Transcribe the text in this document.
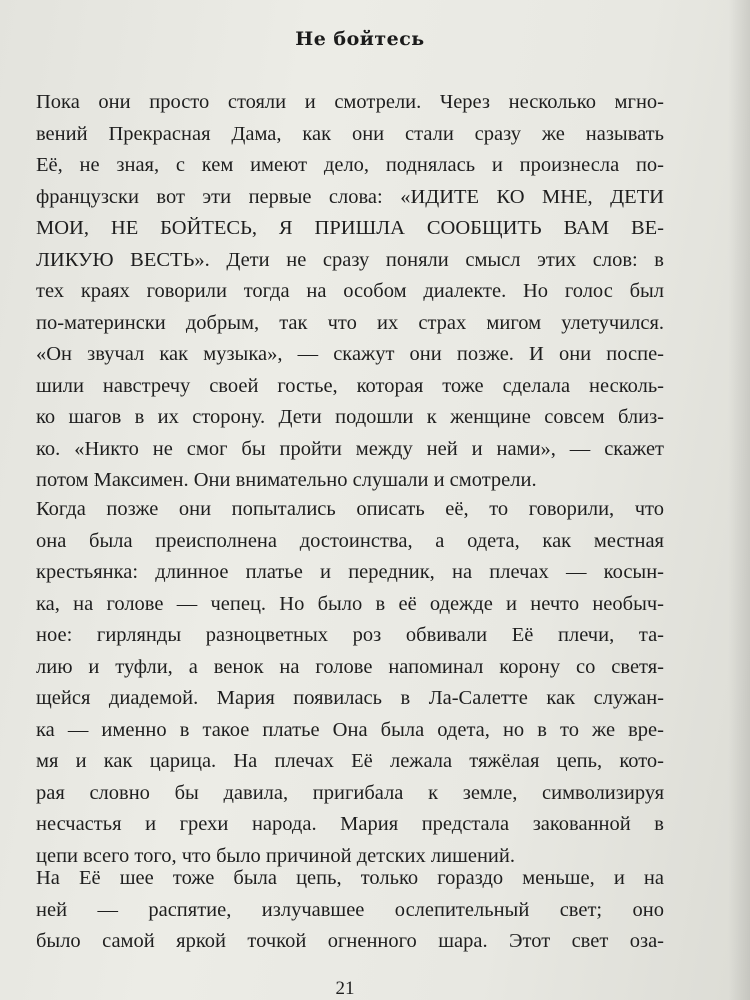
Не бойтесь
Пока они просто стояли и смотрели. Через несколько мгно-
вений Прекрасная Дама, как они стали сразу же называть
Её, не зная, с кем имеют дело, поднялась и произнесла по-
французски вот эти первые слова: «ИДИТЕ КО МНЕ, ДЕТИ
МОИ, НЕ БОЙТЕСЬ, Я ПРИШЛА СООБЩИТЬ ВАМ ВЕ-
ЛИКУЮ ВЕСТЬ». Дети не сразу поняли смысл этих слов: в
тех краях говорили тогда на особом диалекте. Но голос был
по-матерински добрым, так что их страх мигом улетучился.
«Он звучал как музыка», — скажут они позже. И они поспе-
шили навстречу своей гостье, которая тоже сделала несколь-
ко шагов в их сторону. Дети подошли к женщине совсем близ-
ко. «Никто не смог бы пройти между ней и нами», — скажет
потом Максимен. Они внимательно слушали и смотрели.
Когда позже они попытались описать её, то говорили, что
она была преисполнена достоинства, а одета, как местная
крестьянка: длинное платье и передник, на плечах — косын-
ка, на голове — чепец. Но было в её одежде и нечто необыч-
ное: гирлянды разноцветных роз обвивали Её плечи, та-
лию и туфли, а венок на голове напоминал корону со светя-
щейся диадемой. Мария появилась в Ла-Салетте как служан-
ка — именно в такое платье Она была одета, но в то же вре-
мя и как царица. На плечах Её лежала тяжёлая цепь, кото-
рая словно бы давила, пригибала к земле, символизируя
несчастья и грехи народа. Мария предстала закованной в
цепи всего того, что было причиной детских лишений.
На Её шее тоже была цепь, только гораздо меньше, и на
ней — распятие, излучавшее ослепительный свет; оно
было самой яркой точкой огненного шара. Этот свет оза-
21
